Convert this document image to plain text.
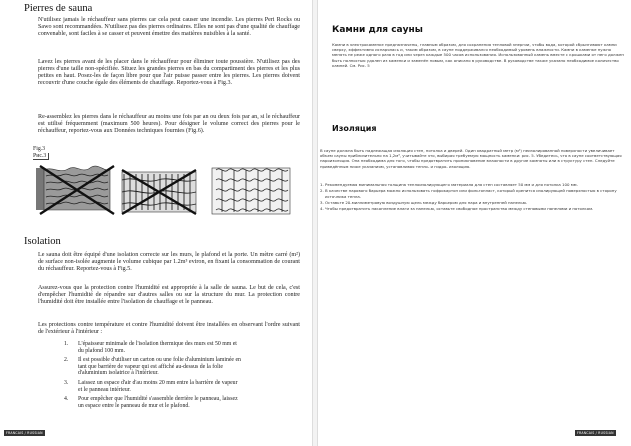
Pierres de sauna

N'utilisez jamais le réchauffeur sans pierres car cela peut causer une incendie. Les pierres Peri Rocks ou Sawo sont recommandées. N'utilisez pas des pierres ordinaires. Elles ne sont pas d'une qualité de chauffage convenable, sont faciles à se casser et peuvent émettre des matières nuisibles à la santé.

Lavez les pierres avant de les placer dans le réchauffeur pour éliminer toute poussière. N'utilisez pas des pierres d'une taille non-spécifiée. Situez les grandes pierres en bas du compartiment des pierres et les plus petites en haut. Posez-les de façon libre pour que l'air puisse passer entre les pierres. Les pierres doivent recouvrir d'une couche égale des éléments de chauffage. Reportez-vous à Fig.3.

Re-assemblez les pierres dans le réchauffeur au moins une fois par an ou deux fois par an, si le réchauffeur est utilisé fréquemment (maximum 500 heures). Pour désigner le volume correct des pierres pour le réchauffeur, reportez-vous aux Données techniques fournies (Fig.6).

Fig.3
Рис.3
Isolation

Le sauna doit être équipé d'une isolation correcte sur les murs, le plafond et la porte. Un mètre carré (m²) de surface non-isolée augmente le volume cubique par 1.2m³ eviron, en fixant la consommation de courant du réchauffeur. Reportez-vous à Fig.5.

Assurez-vous que la protection contre l'humidité est appropriée à la salle de sauna. Le but de cela, c'est d'empêcher l'humidité de répandre sur d'autres salles ou sur la structure du mur. La protection contre l'humidité doit être installée entre l'isolation de chauffage et le panneau.

Les protections contre température et contre l'humidité doivent être installées en observant l'ordre suivant de l'extérieur à l'intérieur :

1.	L'épaisseur minimale de l'isolation thermique des murs est 50 mm et du plafond 100 mm.
2.	Il est possible d'utiliser un carton ou une folie d'aluminium laminée en tant que barrière de vapeur qui est affiché au-dessus de la folie d'aluminium isolatrice à l'intérieur.
3.	Laissez un espace d'air d'au moins 20 mm entre la barrière de vapeur et le panneau intérieur.
4.	Pour empêcher que l'humidité s'assemble derrière le panneau, laissez un espace entre le panneau de mur et le plafond.
FRANCAIS / RUSSIAN
Камни для сауны

Камни в электрокаменке предназначены, главным образом, для сохранения тепловой энергии, чтобы вода, которой сбрызгивают камни сверху, эффективно испарялась и, таким образом, в сауне поддерживался необходимый уровень влажности. Камни в каменке нужно менять не реже одного раза в год или через каждые 500 часов использования. Использованный камень вместе с крошками от него должен быть полностью удален из каменки и заменён новым, как описано в руководстве. В руководстве также указано необходимое количество камней. См. Рис. 5

Изоляция

В сауне должна быть надлежащая изоляция стен, потолка и дверей. Один квадратный метр (м²) неизолированной поверхности увеличивает объем сауны приблизительно на 1,2м³, учитывайте это, выбирая требуемую мощность каменки: рис. 5. Убедитесь, что в сауне соответствующая пароизоляция. Она необходима для того, чтобы предотвратить проникновение влажности в другие комнаты или в структуру стен. Следуйте приведённым ниже указаниям, устанавливая тепло- и гидро- изоляцию.

1. Рекомендуемая минимальная толщина теплоизолирующего материала для стен составляет 50 мм и для потолка 100 мм.
2. В качестве парового барьера можно использовать гофрокартон или фольгопласт, который крепится изолирующей поверхностью в сторону источника тепла.
3. Оставьте 20-миллиметровую воздушную щель между барьером для пара и внутренней панелью.
4. Чтобы предотвратить накопление влаги за панелью, оставьте свободное пространство между стеновыми панелями и потолком.
FRANCAIS / RUSSIAN
